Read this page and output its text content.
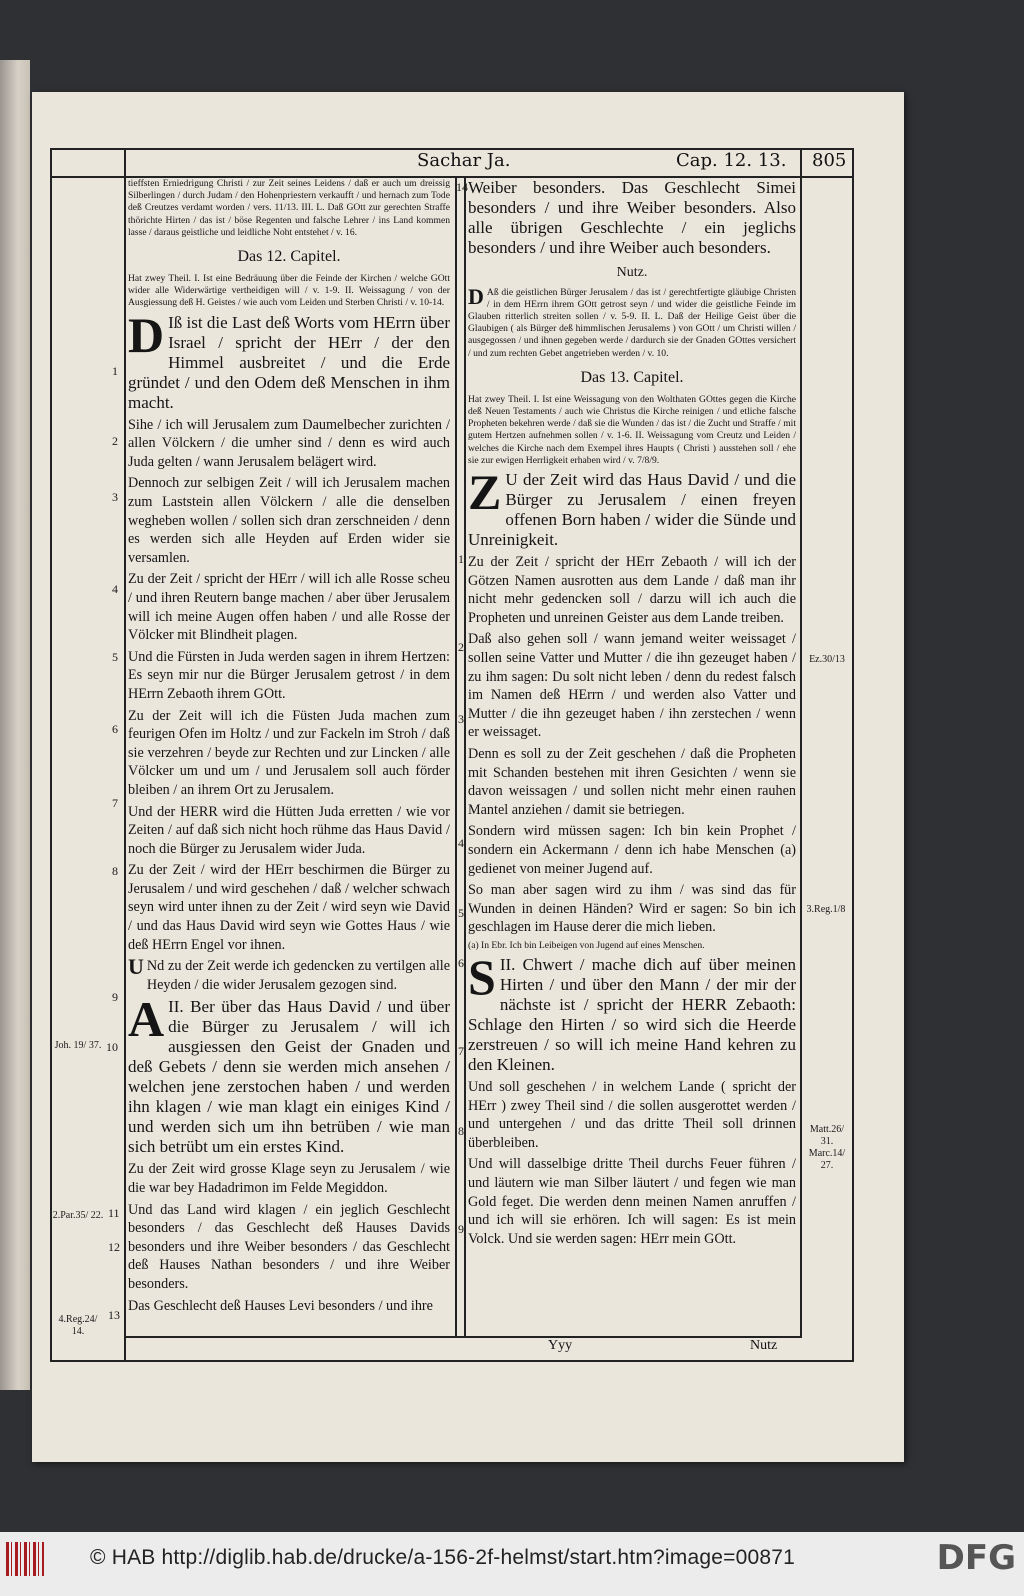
Sachar Ja.	Cap. 12. 13. 805

tieffsten Erniedrigung Christi / zur Zeit seines Leidens / daß er auch um dreissig Silberlingen / durch Judam / den Hohenpriestern verkaufft / und hernach zum Tode deß Creutzes verdamt worden / vers. 11/13. III. L. Daß GOtt zur gerechten Straffe thörichte Hirten / das ist / böse Regenten und falsche Lehrer / ins Land kommen lasse / daraus geistliche und leidliche Noht entstehet / v. 16.

Das 12. Capitel.

Hat zwey Theil. I. Ist eine Bedräuung über die Feinde der Kirchen / welche GOtt wider alle Widerwärtige vertheidigen will / v. 1-9. II. Weissagung / von der Ausgiessung deß H. Geistes / wie auch vom Leiden und Sterben Christi / v. 10-14.

D Iß ist die Last deß Worts vom HErrn über Israel / spricht der HErr / der den Himmel ausbreitet / und die Erde gründet / und den Odem deß Menschen in ihm macht.

Sihe / ich will Jerusalem zum Daumelbecher zurichten / allen Völckern / die umher sind / denn es wird auch Juda gelten / wann Jerusalem belägert wird.

Dennoch zur selbigen Zeit / will ich Jerusalem machen zum Laststein allen Völckern / alle die denselben wegheben wollen / sollen sich dran zerschneiden / denn es werden sich alle Heyden auf Erden wider sie versamlen.

Zu der Zeit / spricht der HErr / will ich alle Rosse scheu / und ihren Reutern bange machen / aber über Jerusalem will ich meine Augen offen haben / und alle Rosse der Völcker mit Blindheit plagen.

Und die Fürsten in Juda werden sagen in ihrem Hertzen: Es seyn mir nur die Bürger Jerusalem getrost / in dem HErrn Zebaoth ihrem GOtt.

Zu der Zeit will ich die Füsten Juda machen zum feurigen Ofen im Holtz / und zur Fackeln im Stroh / daß sie verzehren / beyde zur Rechten und zur Lincken / alle Völcker um und um / und Jerusalem soll auch förder bleiben / an ihrem Ort zu Jerusalem.

Und der HERR wird die Hütten Juda erretten / wie vor Zeiten / auf daß sich nicht hoch rühme das Haus David / noch die Bürger zu Jerusalem wider Juda.

Zu der Zeit / wird der HErr beschirmen die Bürger zu Jerusalem / und wird geschehen / daß / welcher schwach seyn wird unter ihnen zu der Zeit / wird seyn wie David / und das Haus David wird seyn wie Gottes Haus / wie deß HErrn Engel vor ihnen.

U Nd zu der Zeit werde ich gedencken zu vertilgen alle Heyden / die wider Jerusalem gezogen sind.

AII. Ber über das Haus David / und über die Bürger zu Jerusalem / will ich ausgiessen den Geist der Gnaden und deß Gebets / denn sie werden mich ansehen / welchen jene zerstochen haben / und werden ihn klagen / wie man klagt ein einiges Kind / und werden sich um ihn betrüben / wie man sich betrübt um ein erstes Kind.

Zu der Zeit wird grosse Klage seyn zu Jerusalem / wie die war bey Hadadrimon im Felde Megiddon.

Und das Land wird klagen / ein jeglich Geschlecht besonders / das Geschlecht deß Hauses Davids besonders und ihre Weiber besonders / das Geschlecht deß Hauses Nathan besonders / und ihre Weiber besonders.

Das Geschlecht deß Hauses Levi besonders / und ihre

Weiber besonders. Das Geschlecht Simei besonders / und ihre Weiber besonders. Also alle übrigen Geschlechte / ein jeglichs besonders / und ihre Weiber auch besonders.

Nutz.

D Aß die geistlichen Bürger Jerusalem / das ist / gerechtfertigte gläubige Christen / in dem HErrn ihrem GOtt getrost seyn / und wider die geistliche Feinde im Glauben ritterlich streiten sollen / v. 5-9. II. L. Daß der Heilige Geist über die Glaubigen ( als Bürger deß himmlischen Jerusalems ) von GOtt / um Christi willen / ausgegossen / und ihnen gegeben werde / dardurch sie der Gnaden GOttes versichert / und zum rechten Gebet angetrieben werden / v. 10.

Das 13. Capitel.

Hat zwey Theil. I. Ist eine Weissagung von den Wolthaten GOttes gegen die Kirche deß Neuen Testaments / auch wie Christus die Kirche reinigen / und etliche falsche Propheten bekehren werde / daß sie die Wunden / das ist / die Zucht und Straffe / mit gutem Hertzen aufnehmen sollen / v. 1-6. II. Weissagung vom Creutz und Leiden / welches die Kirche nach dem Exempel ihres Haupts ( Christi ) ausstehen soll / ehe sie zur ewigen Herrligkeit erhaben wird / v. 7/8/9.

Z U der Zeit wird das Haus David / und die Bürger zu Jerusalem / einen freyen offenen Born haben / wider die Sünde und Unreinigkeit.

Zu der Zeit / spricht der HErr Zebaoth / will ich der Götzen Namen ausrotten aus dem Lande / daß man ihr nicht mehr gedencken soll / darzu will ich auch die Propheten und unreinen Geister aus dem Lande treiben.

Daß also gehen soll / wann jemand weiter weissaget / sollen seine Vatter und Mutter / die ihn gezeuget haben / zu ihm sagen: Du solt nicht leben / denn du redest falsch im Namen deß HErrn / und werden also Vatter und Mutter / die ihn gezeuget haben / ihn zerstechen / wenn er weissaget.

Denn es soll zu der Zeit geschehen / daß die Propheten mit Schanden bestehen mit ihren Gesichten / wenn sie davon weissagen / und sollen nicht mehr einen rauhen Mantel anziehen / damit sie betriegen.

Sondern wird müssen sagen: Ich bin kein Prophet / sondern ein Ackermann / denn ich habe Menschen (a) gedienet von meiner Jugend auf.

So man aber sagen wird zu ihm / was sind das für Wunden in deinen Händen? Wird er sagen: So bin ich geschlagen im Hause derer die mich lieben.

(a) In Ebr. Ich bin Leibeigen von Jugend auf eines Menschen.

SII. Chwert / mache dich auf über meinen Hirten / und über den Mann / der mir der nächste ist / spricht der HERR Zebaoth: Schlage den Hirten / so wird sich die Heerde zerstreuen / so will ich meine Hand kehren zu den Kleinen.

Und soll geschehen / in welchem Lande ( spricht der HErr ) zwey Theil sind / die sollen ausgerottet werden / und untergehen / und das dritte Theil soll drinnen überbleiben.

Und will dasselbige dritte Theil durchs Feuer führen / und läutern wie man Silber läutert / und fegen wie man Gold feget. Die werden denn meinen Namen anruffen / und ich will sie erhören. Ich will sagen: Es ist mein Volck. Und sie werden sagen: HErr mein GOtt.

1
2
3
4
5
6
7
8
9
10
11
12
13
14
1
2
3
4
5
6
7
8
9
Joh. 19/ 37.
2.Par.35/ 22.
4.Reg.24/ 14.
Ez.30/13
3.Reg.1/8
Matt.26/ 31. Marc.14/ 27.
Yyy	Nutz
© HAB http://diglib.hab.de/drucke/a-156-2f-helmst/start.htm?image=00871	DFG
